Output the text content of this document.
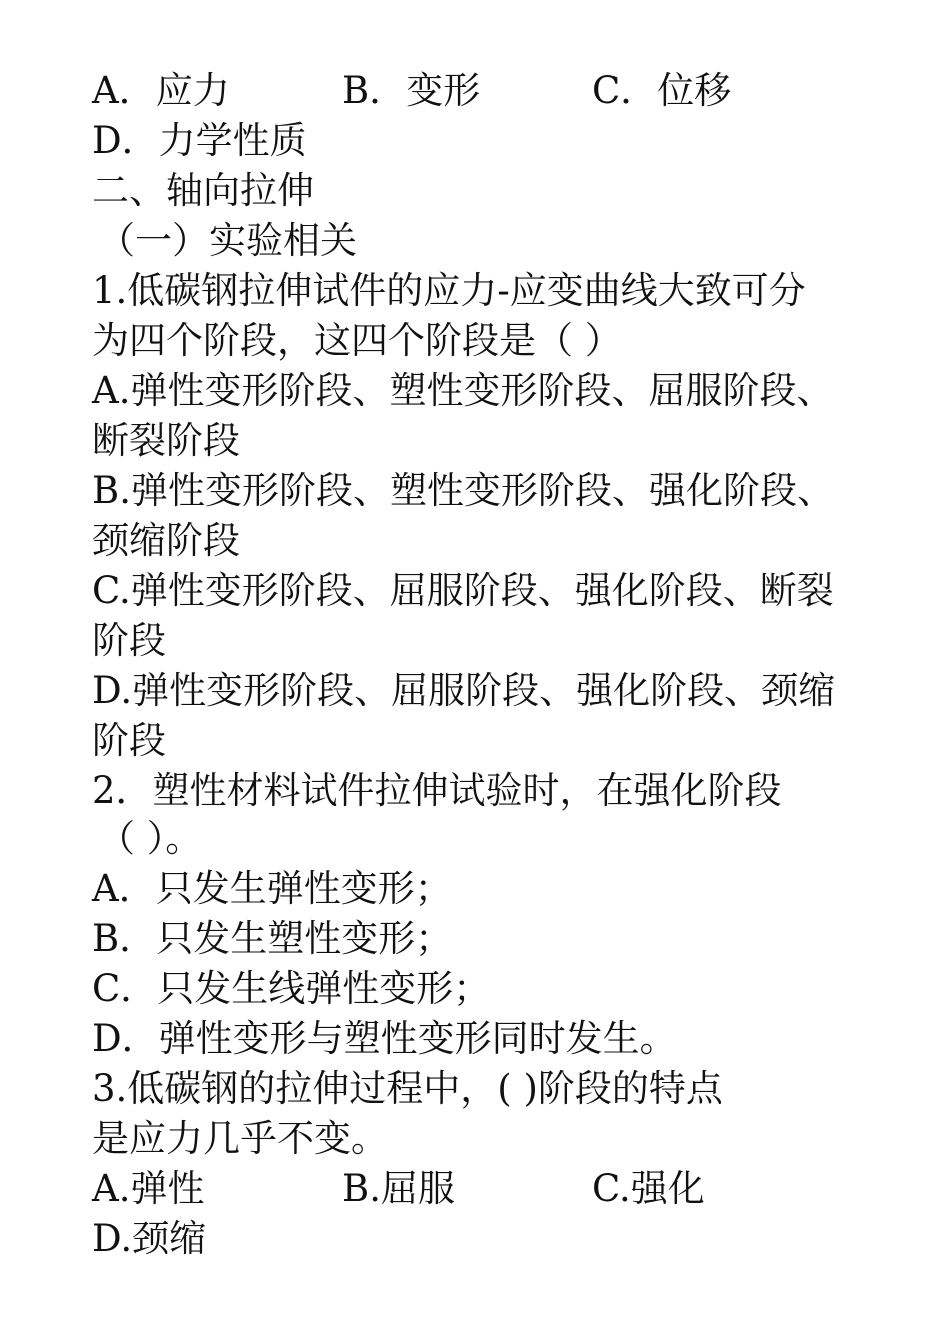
A．应力	B．变形	C．位移
D．力学性质
二、轴向拉伸
（一）实验相关
1.低碳钢拉伸试件的应力-应变曲线大致可分
为四个阶段，这四个阶段是（ ）
A.弹性变形阶段、塑性变形阶段、屈服阶段、
断裂阶段
B.弹性变形阶段、塑性变形阶段、强化阶段、
颈缩阶段
C.弹性变形阶段、屈服阶段、强化阶段、断裂
阶段
D.弹性变形阶段、屈服阶段、强化阶段、颈缩
阶段
2．塑性材料试件拉伸试验时，在强化阶段
（ ）。
A．只发生弹性变形；
B．只发生塑性变形；
C．只发生线弹性变形；
D．弹性变形与塑性变形同时发生。
3.低碳钢的拉伸过程中，( )阶段的特点
是应力几乎不变。
A.弹性	B.屈服	C.强化
D.颈缩
